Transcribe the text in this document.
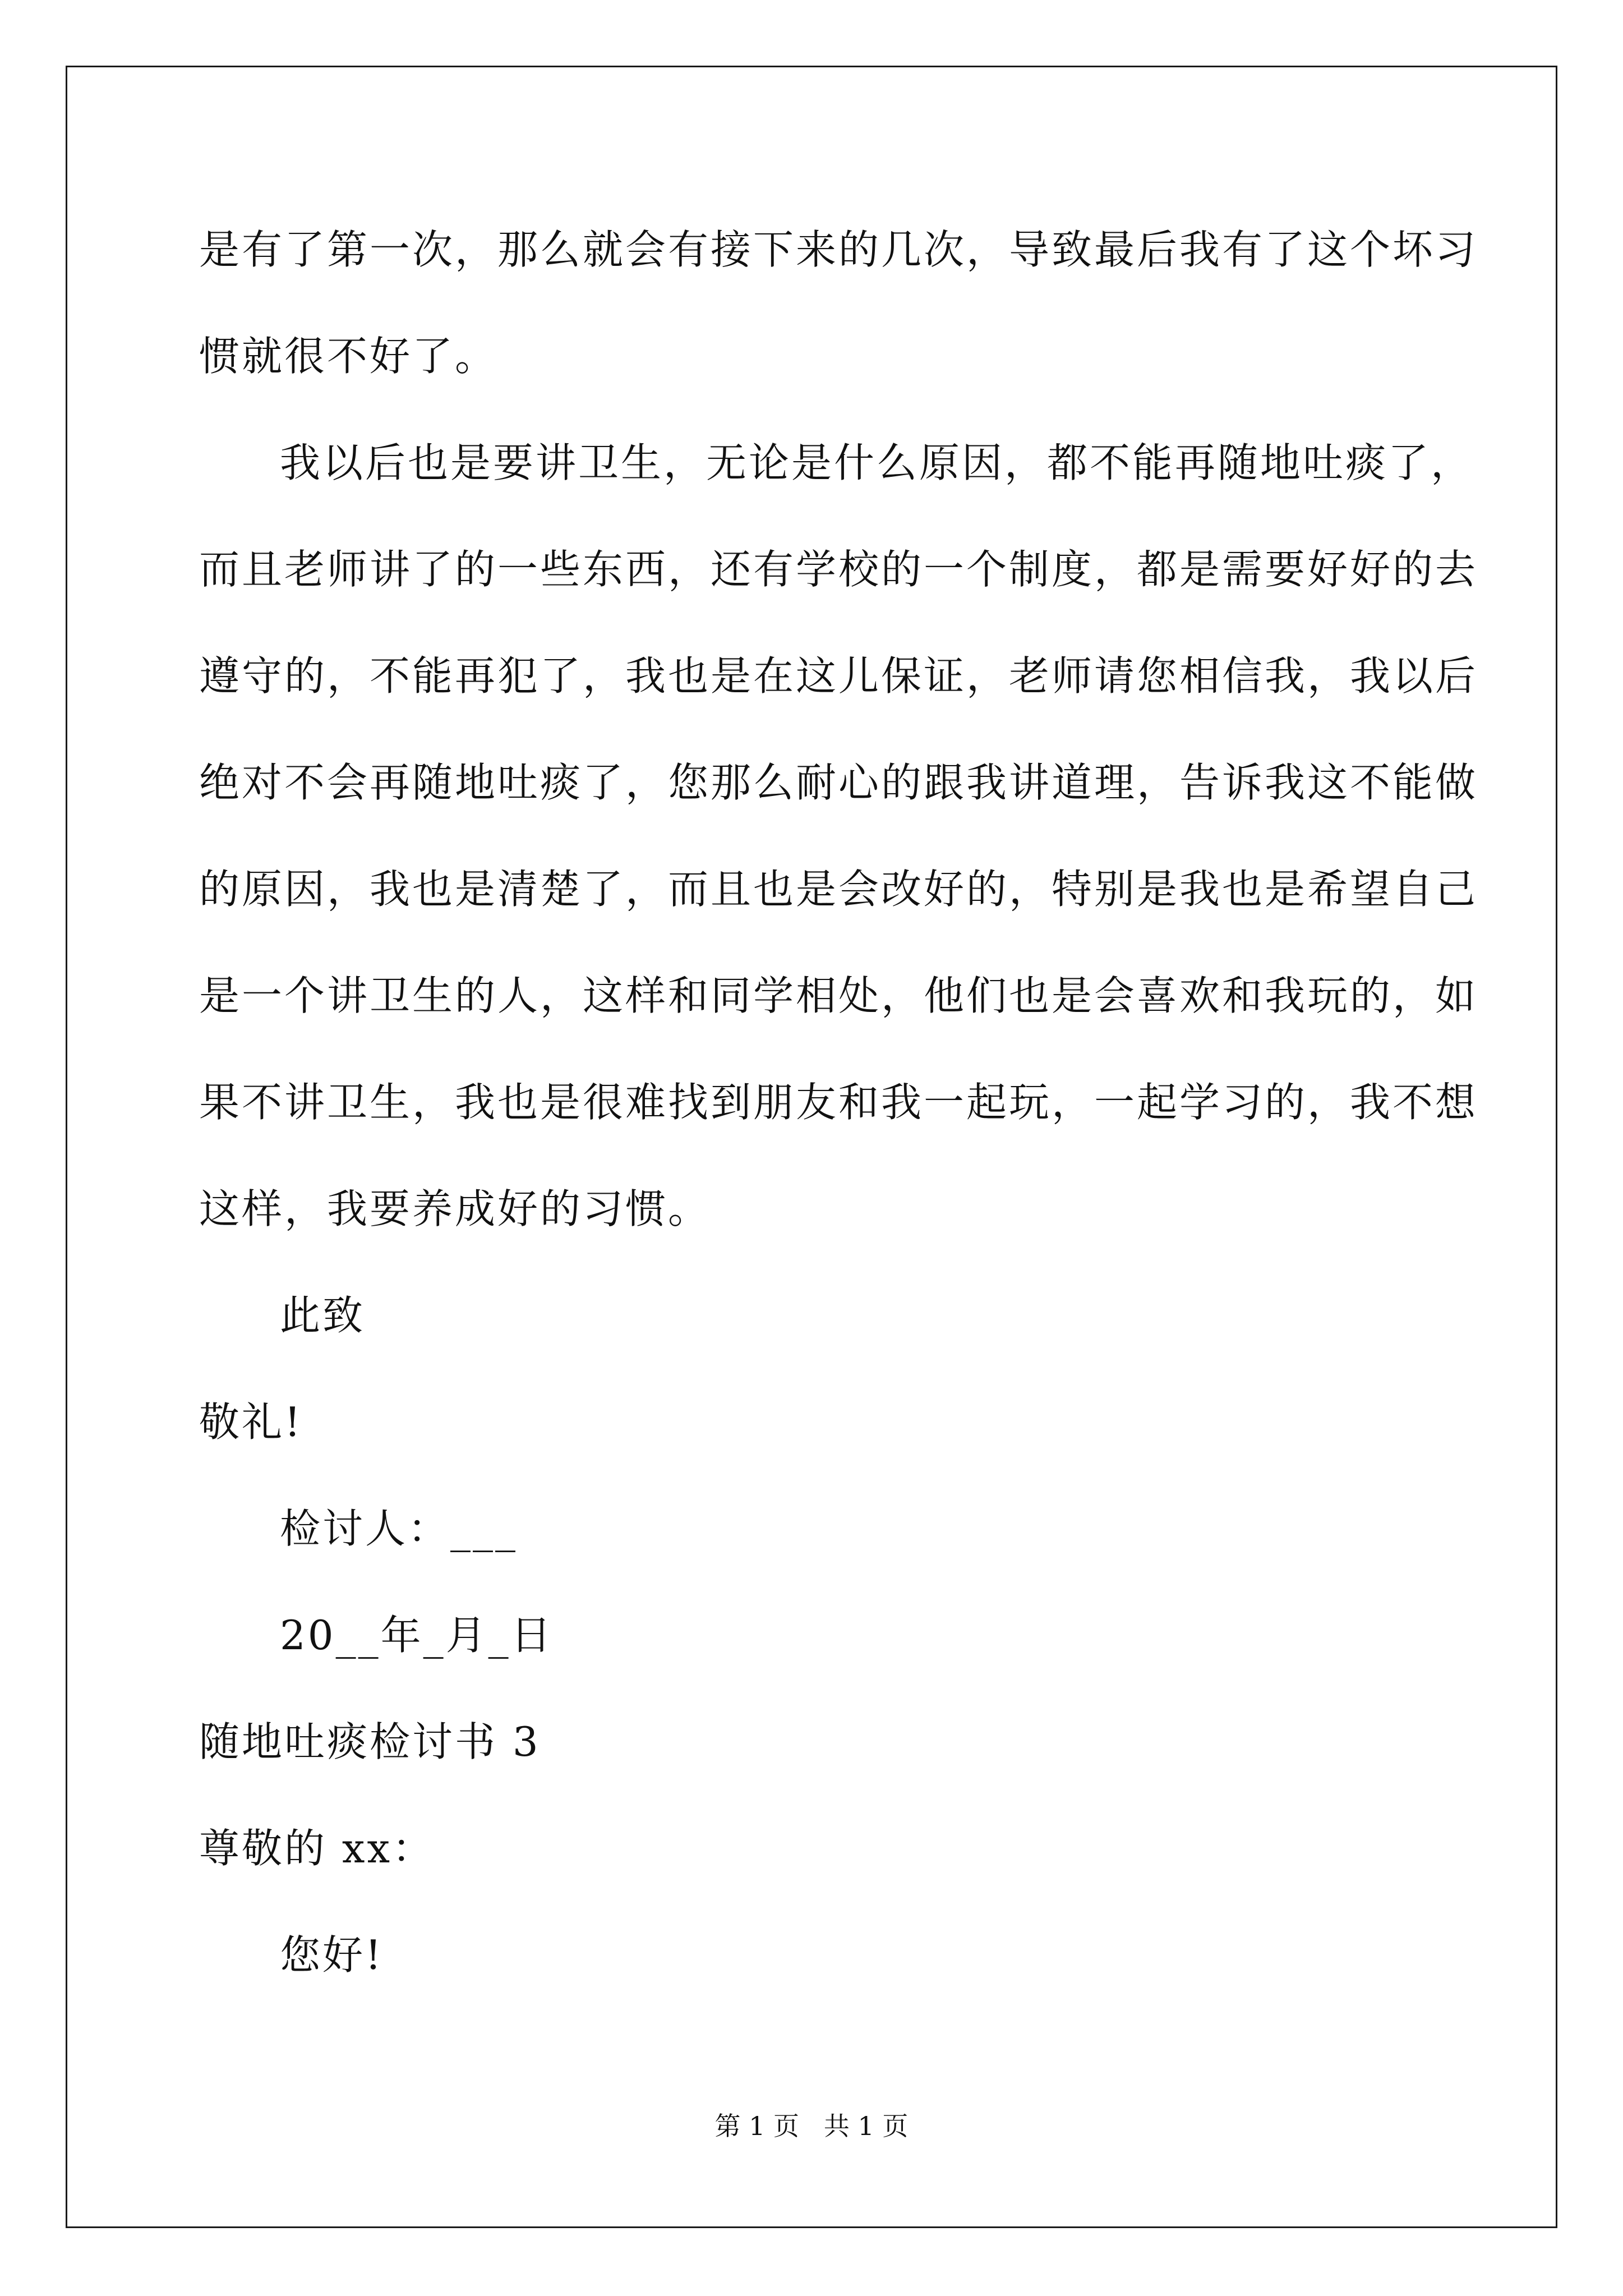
是有了第一次，那么就会有接下来的几次，导致最后我有了这个坏习
惯就很不好了。
我以后也是要讲卫生，无论是什么原因，都不能再随地吐痰了，
而且老师讲了的一些东西，还有学校的一个制度，都是需要好好的去
遵守的，不能再犯了，我也是在这儿保证，老师请您相信我，我以后
绝对不会再随地吐痰了，您那么耐心的跟我讲道理，告诉我这不能做
的原因，我也是清楚了，而且也是会改好的，特别是我也是希望自己
是一个讲卫生的人，这样和同学相处，他们也是会喜欢和我玩的，如
果不讲卫生，我也是很难找到朋友和我一起玩，一起学习的，我不想
这样，我要养成好的习惯。
此致
敬礼!
检讨人：___
20__年_月_日
随地吐痰检讨书 3
尊敬的 xx：
您好!
第 1 页   共 1 页
